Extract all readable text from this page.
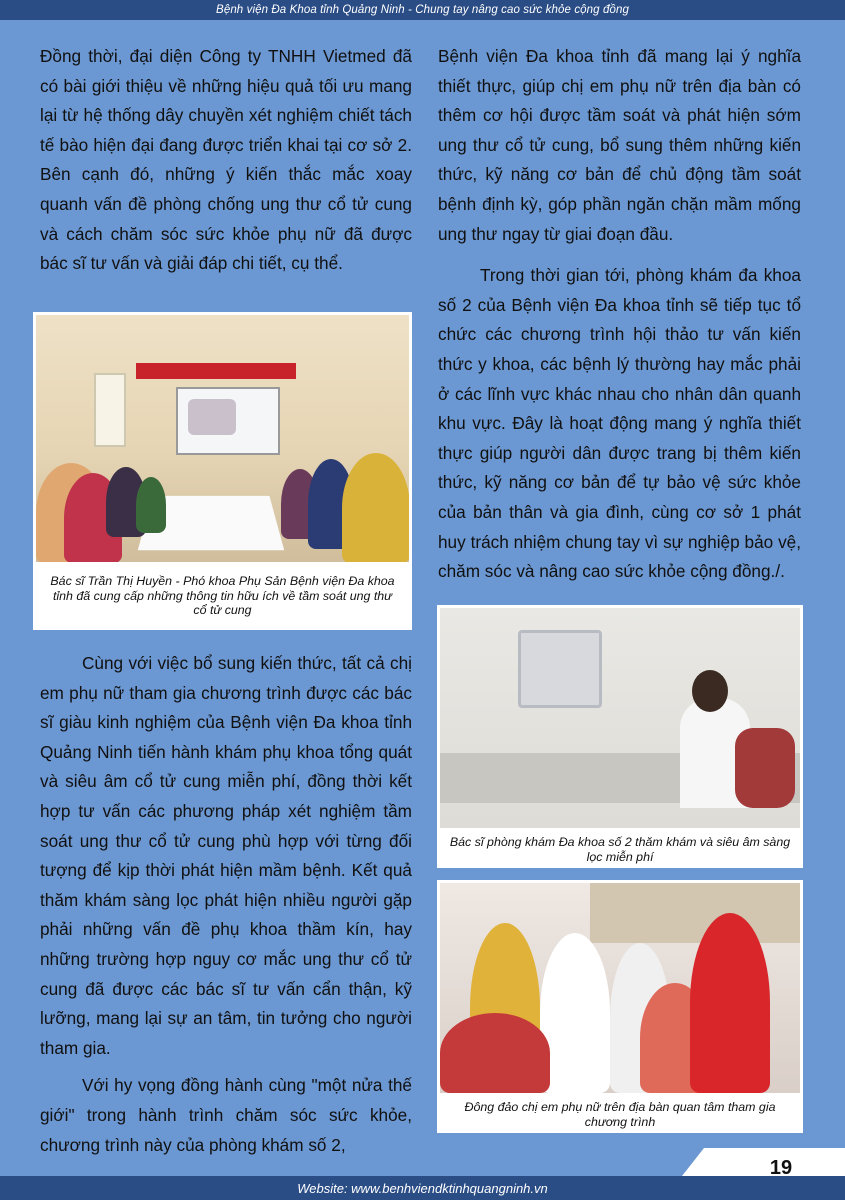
Bệnh viện Đa Khoa tỉnh Quảng Ninh - Chung tay nâng cao sức khỏe cộng đồng

Đồng thời, đại diện Công ty TNHH Vietmed đã có bài giới thiệu về những hiệu quả tối ưu mang lại từ hệ thống dây chuyền xét nghiệm chiết tách tế bào hiện đại đang được triển khai tại cơ sở 2. Bên cạnh đó, những ý kiến thắc mắc xoay quanh vấn đề phòng chống ung thư cổ tử cung và cách chăm sóc sức khỏe phụ nữ đã được bác sĩ tư vấn và giải đáp chi tiết, cụ thể.

Bác sĩ Trần Thị Huyền - Phó khoa Phụ Sản Bệnh viện Đa khoa tỉnh đã cung cấp những thông tin hữu ích về tầm soát ung thư cổ tử cung

Cùng với việc bổ sung kiến thức, tất cả chị em phụ nữ tham gia chương trình được các bác sĩ giàu kinh nghiệm của Bệnh viện Đa khoa tỉnh Quảng Ninh tiến hành khám phụ khoa tổng quát và siêu âm cổ tử cung miễn phí, đồng thời kết hợp tư vấn các phương pháp xét nghiệm tầm soát ung thư cổ tử cung phù hợp với từng đối tượng để kịp thời phát hiện mầm bệnh. Kết quả thăm khám sàng lọc phát hiện nhiều người gặp phải những vấn đề phụ khoa thầm kín, hay những trường hợp nguy cơ mắc ung thư cổ tử cung đã được các bác sĩ tư vấn cẩn thận, kỹ lưỡng, mang lại sự an tâm, tin tưởng cho người tham gia.

Với hy vọng đồng hành cùng "một nửa thế giới" trong hành trình chăm sóc sức khỏe, chương trình này của phòng khám số 2,

Bệnh viện Đa khoa tỉnh đã mang lại ý nghĩa thiết thực, giúp chị em phụ nữ trên địa bàn có thêm cơ hội được tầm soát và phát hiện sớm ung thư cổ tử cung, bổ sung thêm những kiến thức, kỹ năng cơ bản để chủ động tầm soát bệnh định kỳ, góp phần ngăn chặn mầm mống ung thư ngay từ giai đoạn đầu.

Trong thời gian tới, phòng khám đa khoa số 2 của Bệnh viện Đa khoa tỉnh sẽ tiếp tục tổ chức các chương trình hội thảo tư vấn kiến thức y khoa, các bệnh lý thường hay mắc phải ở các lĩnh vực khác nhau cho nhân dân quanh khu vực. Đây là hoạt động mang ý nghĩa thiết thực giúp người dân được trang bị thêm kiến thức, kỹ năng cơ bản để tự bảo vệ sức khỏe của bản thân và gia đình, cùng cơ sở 1 phát huy trách nhiệm chung tay vì sự nghiệp bảo vệ, chăm sóc và nâng cao sức khỏe cộng đồng./.

Bác sĩ phòng khám Đa khoa số 2 thăm khám và siêu âm sàng lọc miễn phí
Đông đảo chị em phụ nữ trên địa bàn quan tâm tham gia chương trình
Website: www.benhviendktinhquangninh.vn
19
